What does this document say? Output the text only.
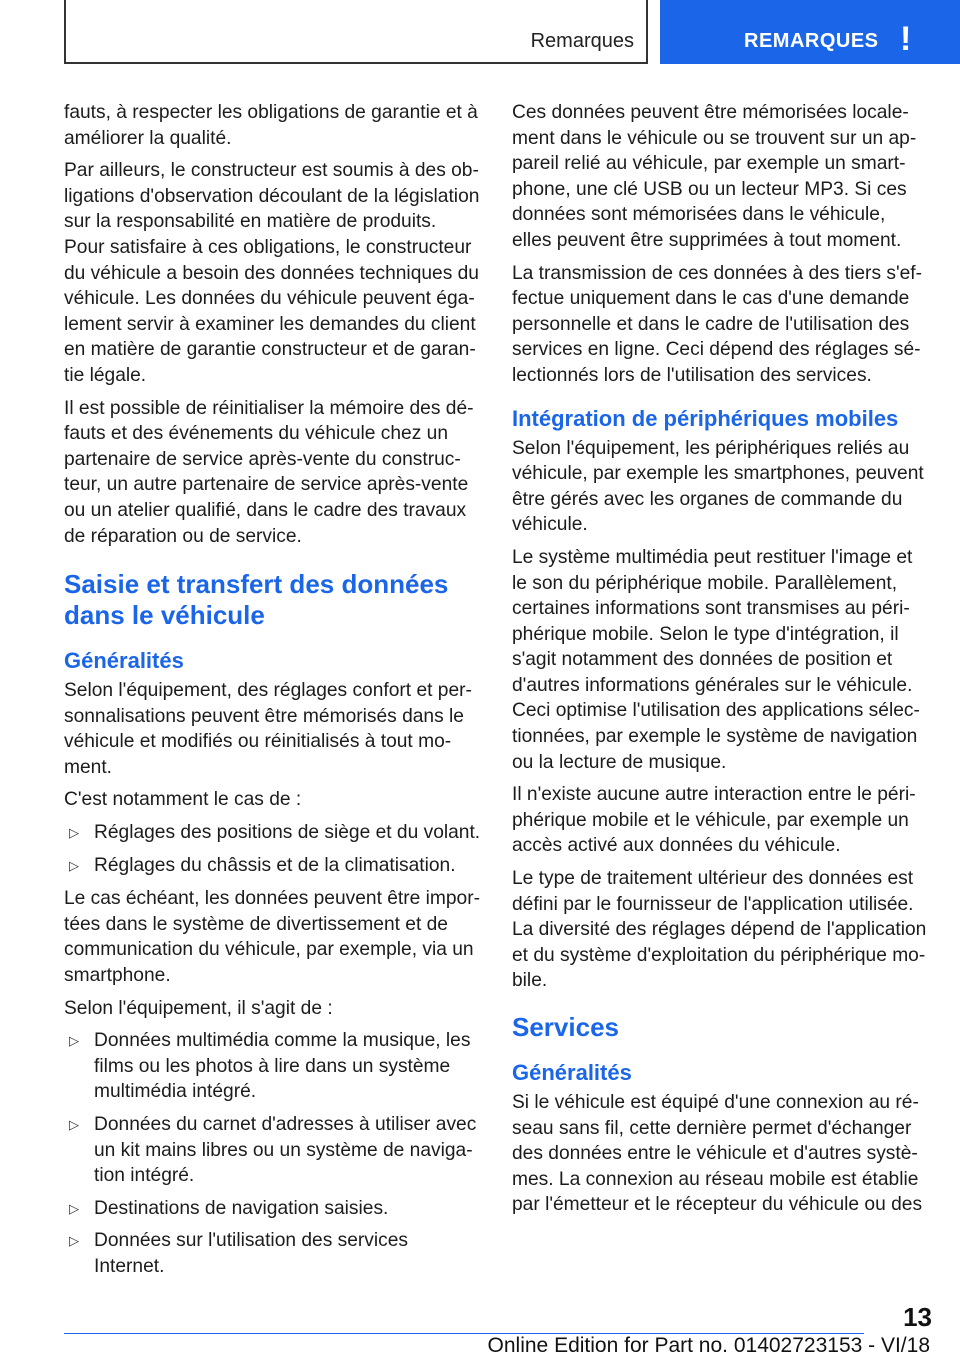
Remarques	REMARQUES !

fauts, à respecter les obligations de garantie et à améliorer la qualité.

Par ailleurs, le constructeur est soumis à des obligations d'observation découlant de la législation sur la responsabilité en matière de produits. Pour satisfaire à ces obligations, le constructeur du véhicule a besoin des données techniques du véhicule. Les données du véhicule peuvent également servir à examiner les demandes du client en matière de garantie constructeur et de garantie légale.

Il est possible de réinitialiser la mémoire des défauts et des événements du véhicule chez un partenaire de service après-vente du constructeur, un autre partenaire de service après-vente ou un atelier qualifié, dans le cadre des travaux de réparation ou de service.

Saisie et transfert des données dans le véhicule
Généralités

Selon l'équipement, des réglages confort et personnalisations peuvent être mémorisés dans le véhicule et modifiés ou réinitialisés à tout moment.

C'est notamment le cas de :

▷ Réglages des positions de siège et du volant.
▷ Réglages du châssis et de la climatisation.

Le cas échéant, les données peuvent être importées dans le système de divertissement et de communication du véhicule, par exemple, via un smartphone.

Selon l'équipement, il s'agit de :

▷ Données multimédia comme la musique, les films ou les photos à lire dans un système multimédia intégré.
▷ Données du carnet d'adresses à utiliser avec un kit mains libres ou un système de navigation intégré.
▷ Destinations de navigation saisies.
▷ Données sur l'utilisation des services Internet.

Ces données peuvent être mémorisées localement dans le véhicule ou se trouvent sur un appareil relié au véhicule, par exemple un smartphone, une clé USB ou un lecteur MP3. Si ces données sont mémorisées dans le véhicule, elles peuvent être supprimées à tout moment.

La transmission de ces données à des tiers s'effectue uniquement dans le cas d'une demande personnelle et dans le cadre de l'utilisation des services en ligne. Ceci dépend des réglages sélectionnés lors de l'utilisation des services.

Intégration de périphériques mobiles

Selon l'équipement, les périphériques reliés au véhicule, par exemple les smartphones, peuvent être gérés avec les organes de commande du véhicule.

Le système multimédia peut restituer l'image et le son du périphérique mobile. Parallèlement, certaines informations sont transmises au périphérique mobile. Selon le type d'intégration, il s'agit notamment des données de position et d'autres informations générales sur le véhicule. Ceci optimise l'utilisation des applications sélectionnées, par exemple le système de navigation ou la lecture de musique.

Il n'existe aucune autre interaction entre le périphérique mobile et le véhicule, par exemple un accès activé aux données du véhicule.

Le type de traitement ultérieur des données est défini par le fournisseur de l'application utilisée. La diversité des réglages dépend de l'application et du système d'exploitation du périphérique mobile.

Services
Généralités

Si le véhicule est équipé d'une connexion au réseau sans fil, cette dernière permet d'échanger des données entre le véhicule et d'autres systèmes. La connexion au réseau mobile est établie par l'émetteur et le récepteur du véhicule ou des

13
Online Edition for Part no. 01402723153 - VI/18
